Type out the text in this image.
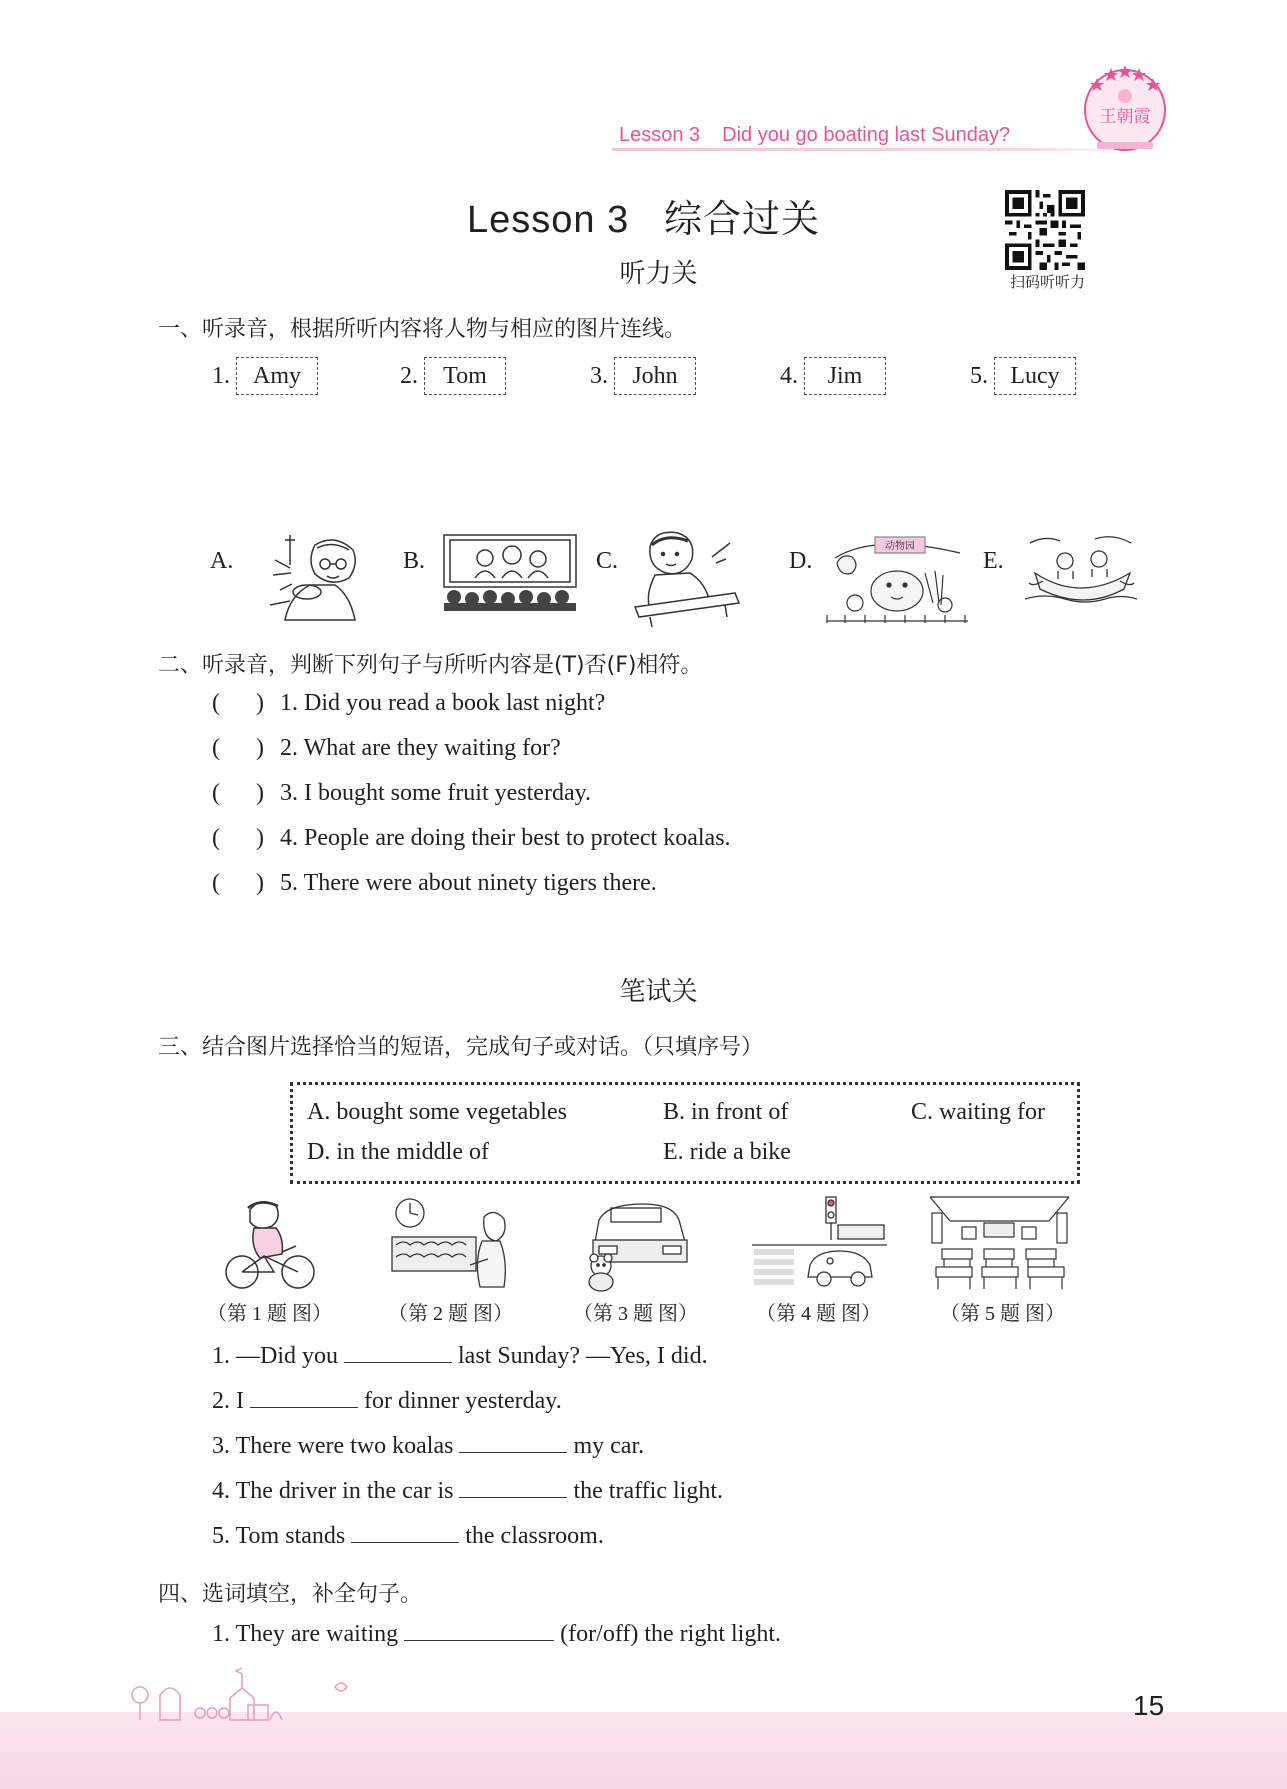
Lesson 3 Did you go boating last Sunday?
王朝霞
Lesson 3 综合过关
扫码听听力
听力关
一、听录音，根据所听内容将人物与相应的图片连线。
1. Amy	2.	Tom	3.	John	4.	Jim	5. Lucy
A.	B.	C.	D.	E.
动物园
二、听录音，判断下列句子与所听内容是(T)否(F)相符。
(      ) 1. Did you read a book last night?
(      ) 2. What are they waiting for?
(      ) 3. I bought some fruit yesterday.
(      ) 4. People are doing their best to protect koalas.
(      ) 5. There were about ninety tigers there.
笔试关
三、结合图片选择恰当的短语，完成句子或对话。（只填序号）
A. bought some vegetables	B. in front of	C. waiting for
D. in the middle of	E. ride a bike
（第 1 题 图）	（第 2 题 图）	（第 3 题 图）	（第 4 题 图）	（第 5 题 图）
1. —Did you	last Sunday? —Yes, I did.
2. I	for dinner yesterday.
3. There were two koalas	my car.
4. The driver in the car is	the traffic light.
5. Tom stands	the classroom.
四、选词填空，补全句子。
1. They are waiting	(for/off) the right light.
15
